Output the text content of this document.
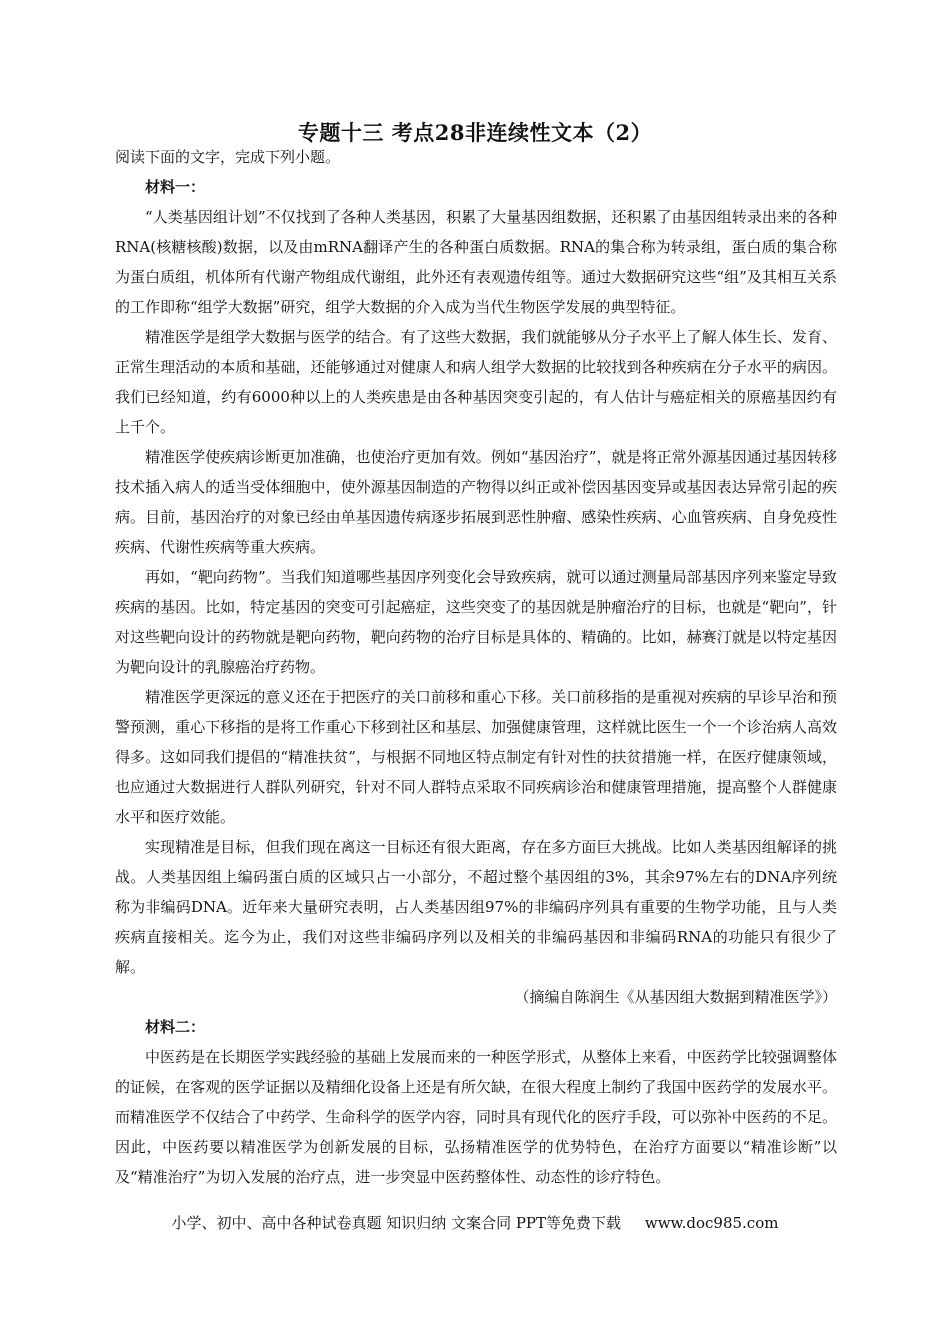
专题十三 考点28非连续性文本（2）
阅读下面的文字，完成下列小题。

材料一：

“人类基因组计划”不仅找到了各种人类基因，积累了大量基因组数据，还积累了由基因组转录出来的各种RNA(核糖核酸)数据，以及由mRNA翻译产生的各种蛋白质数据。RNA的集合称为转录组，蛋白质的集合称为蛋白质组，机体所有代谢产物组成代谢组，此外还有表观遗传组等。通过大数据研究这些“组”及其相互关系的工作即称“组学大数据”研究，组学大数据的介入成为当代生物医学发展的典型特征。

精准医学是组学大数据与医学的结合。有了这些大数据，我们就能够从分子水平上了解人体生长、发育、正常生理活动的本质和基础，还能够通过对健康人和病人组学大数据的比较找到各种疾病在分子水平的病因。我们已经知道，约有6000种以上的人类疾患是由各种基因突变引起的，有人估计与癌症相关的原癌基因约有上千个。

精准医学使疾病诊断更加准确，也使治疗更加有效。例如“基因治疗”，就是将正常外源基因通过基因转移技术插入病人的适当受体细胞中，使外源基因制造的产物得以纠正或补偿因基因变异或基因表达异常引起的疾病。目前，基因治疗的对象已经由单基因遗传病逐步拓展到恶性肿瘤、感染性疾病、心血管疾病、自身免疫性疾病、代谢性疾病等重大疾病。

再如，“靶向药物”。当我们知道哪些基因序列变化会导致疾病，就可以通过测量局部基因序列来鉴定导致疾病的基因。比如，特定基因的突变可引起癌症，这些突变了的基因就是肿瘤治疗的目标，也就是“靶向”，针对这些靶向设计的药物就是靶向药物，靶向药物的治疗目标是具体的、精确的。比如，赫赛汀就是以特定基因为靶向设计的乳腺癌治疗药物。

精准医学更深远的意义还在于把医疗的关口前移和重心下移。关口前移指的是重视对疾病的早诊早治和预警预测，重心下移指的是将工作重心下移到社区和基层、加强健康管理，这样就比医生一个一个诊治病人高效得多。这如同我们提倡的“精准扶贫”，与根据不同地区特点制定有针对性的扶贫措施一样，在医疗健康领域，也应通过大数据进行人群队列研究，针对不同人群特点采取不同疾病诊治和健康管理措施，提高整个人群健康水平和医疗效能。

实现精准是目标，但我们现在离这一目标还有很大距离，存在多方面巨大挑战。比如人类基因组解译的挑战。人类基因组上编码蛋白质的区域只占一小部分，不超过整个基因组的3%，其余97%左右的DNA序列统称为非编码DNA。近年来大量研究表明，占人类基因组97%的非编码序列具有重要的生物学功能，且与人类疾病直接相关。迄今为止，我们对这些非编码序列以及相关的非编码基因和非编码RNA的功能只有很少了解。

（摘编自陈润生《从基因组大数据到精准医学》）

材料二：

中医药是在长期医学实践经验的基础上发展而来的一种医学形式，从整体上来看，中医药学比较强调整体的证候，在客观的医学证据以及精细化设备上还是有所欠缺，在很大程度上制约了我国中医药学的发展水平。而精准医学不仅结合了中药学、生命科学的医学内容，同时具有现代化的医疗手段，可以弥补中医药的不足。因此，中医药要以精准医学为创新发展的目标，弘扬精准医学的优势特色，在治疗方面要以“精准诊断”以及“精准治疗”为切入发展的治疗点，进一步突显中医药整体性、动态性的诊疗特色。

小学、初中、高中各种试卷真题 知识归纳 文案合同 PPT等免费下载     www.doc985.com
